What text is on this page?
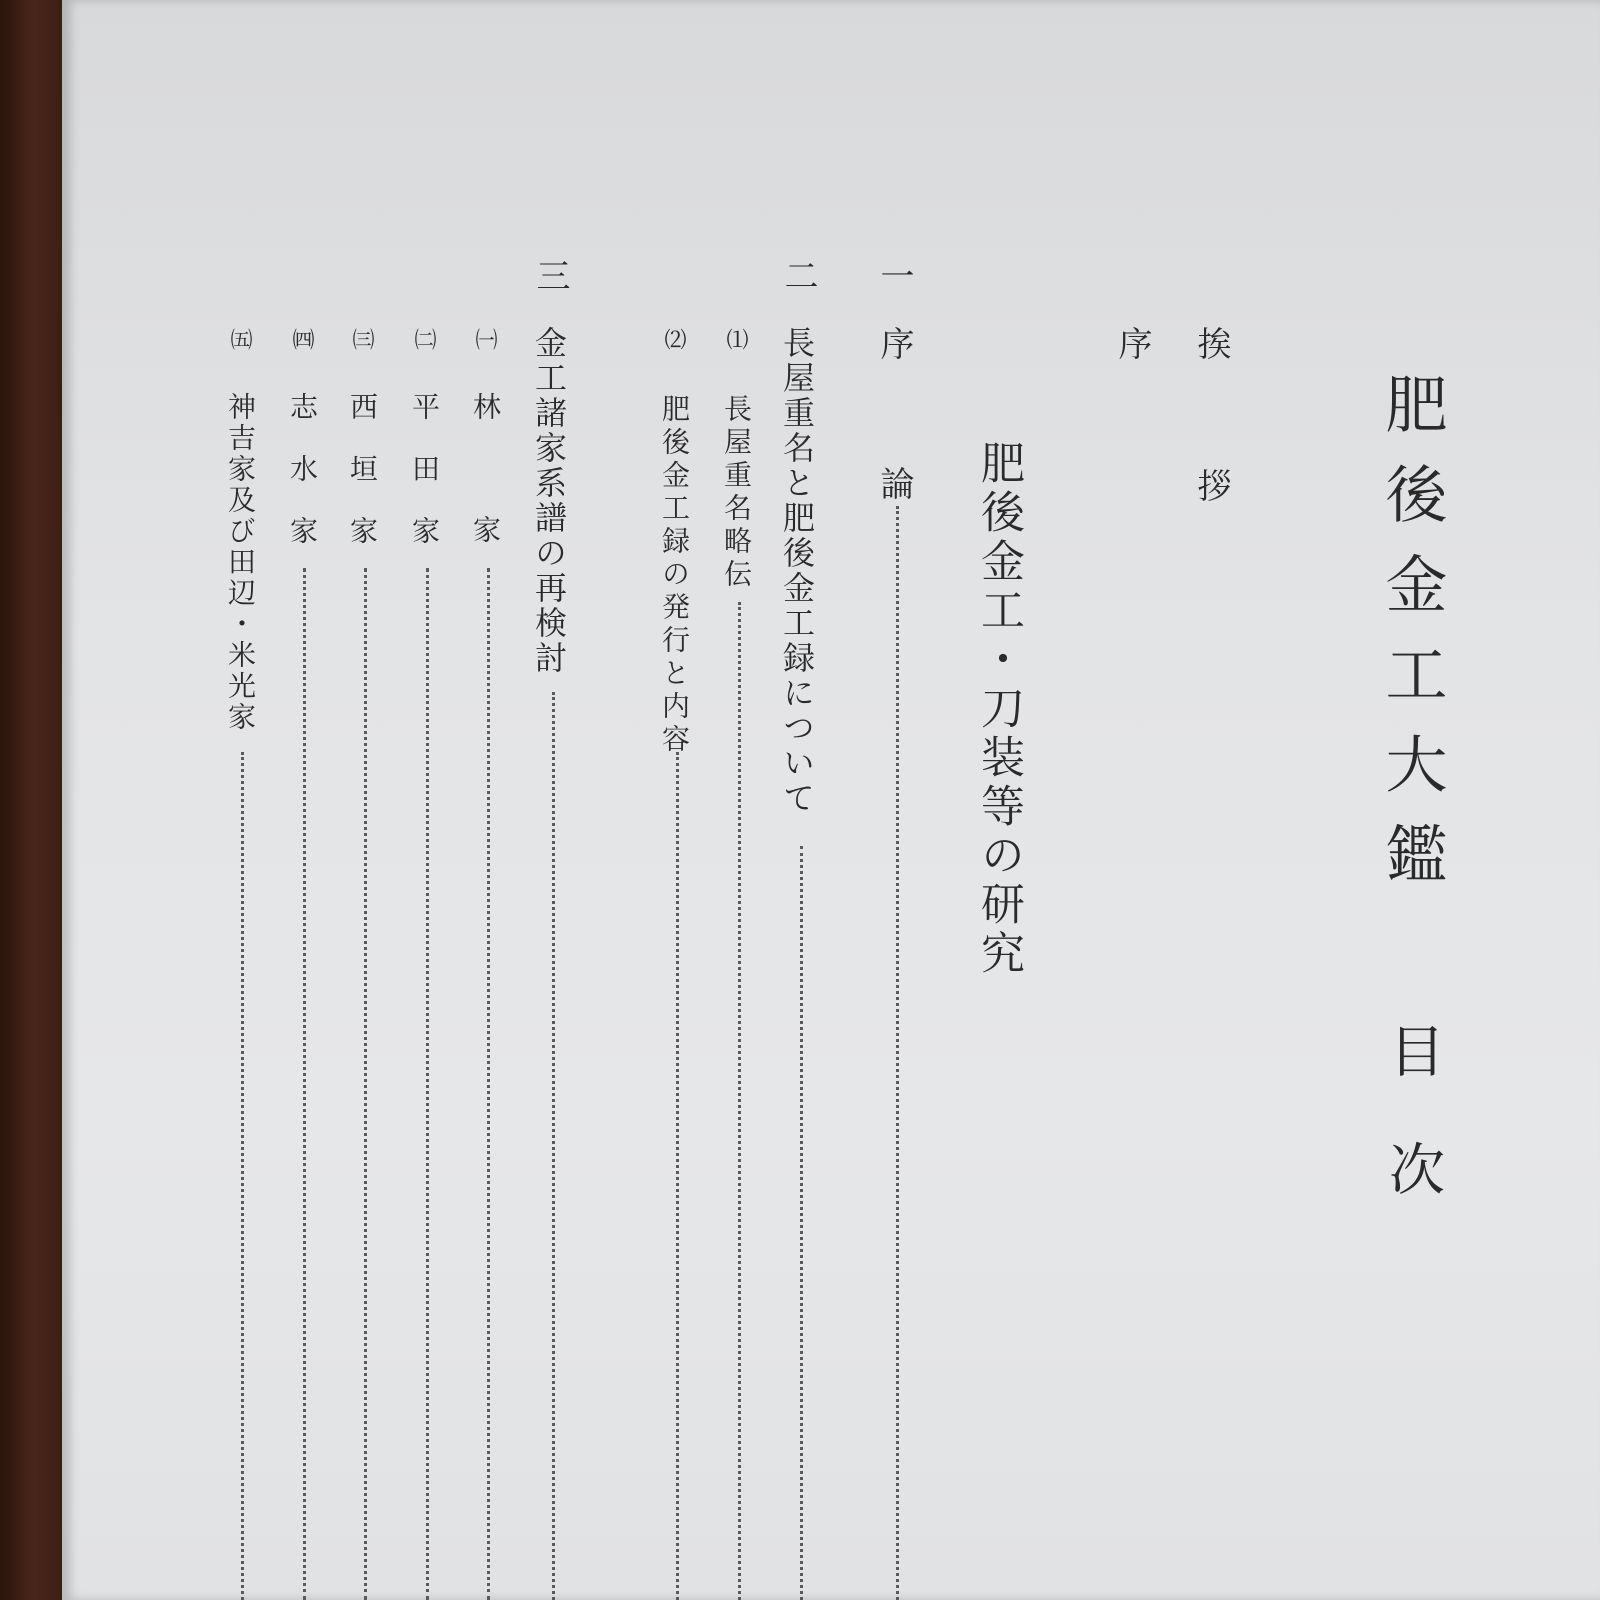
肥後金工大鑑
目次
挨拶
序
肥後金工・刀装等の研究
一
序論
二
長屋重名と肥後金工録について
⑴
長屋重名略伝
⑵
肥後金工録の発行と内容
三
金工諸家系譜の再検討
㈠
林家
㈡
平田家
㈢
西垣家
㈣
志水家
㈤
神吉家及び田辺・米光家
